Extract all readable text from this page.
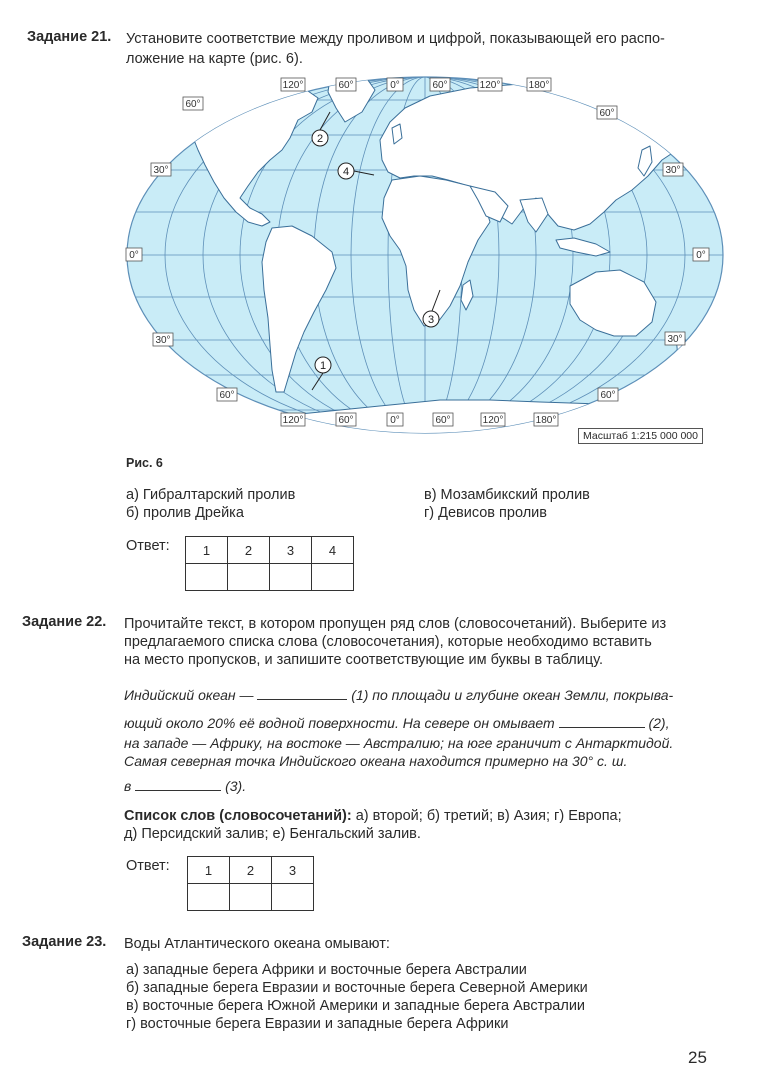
Задание 21. Установите соответствие между проливом и цифрой, показывающей его распо-
ложение на карте (рис. 6).
120°	60°	0°	60°	120°	180°
120°	60°	0°	60°	120°	180°
60°
30°
0°
30°
60°
60°
30°
0°
30°
60°
2
4
3
1
Масштаб 1:215 000 000
Рис. 6
а) Гибралтарский пролив
б) пролив Дрейка
в) Мозамбикский пролив
г) Девисов пролив
Ответ:	1	2	3	4

Задание 22. Прочитайте текст, в котором пропущен ряд слов (словосочетаний). Выберите из
предлагаемого списка слова (словосочетания), которые необходимо вставить
на место пропусков, и запишите соответствующие им буквы в таблицу.
Индийский океан —	(1) по площади и глубине океан Земли, покрыва-
ющий около 20% её водной поверхности. На севере он омывает	(2),
на западе — Африку, на востоке — Австралию; на юге граничит с Антарктидой.
Самая северная точка Индийского океана находится примерно на 30° с. ш.
в	(3).
Список слов (словосочетаний): а) второй; б) третий; в) Азия; г) Европа;
д) Персидский залив; е) Бенгальский залив.
Ответ:	1	2	3

Задание 23. Воды Атлантического океана омывают:
а) западные берега Африки и восточные берега Австралии
б) западные берега Евразии и восточные берега Северной Америки
в) восточные берега Южной Америки и западные берега Австралии
г) восточные берега Евразии и западные берега Африки
25
